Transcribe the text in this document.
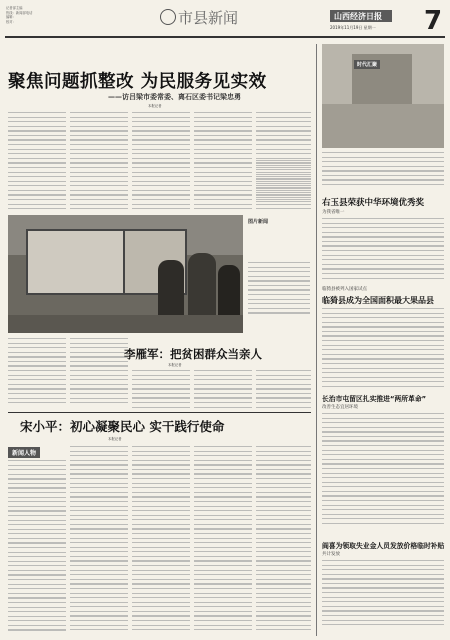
记者部主编
热线：新闻部电话
编辑：
校对：	市县新闻	山西经济日报
2019年11月19日 星期一 7
聚焦问题抓整改 为民服务见实效
——访吕梁市委常委、离石区委书记梁忠勇
本报记者
图片新闻
李雁军：把贫困群众当亲人
本报记者
宋小平：初心凝聚民心 实干践行使命
本报记者
新闻人物
时代汇聚
右玉县荣获中华环境优秀奖
为我省唯一
临猗县被列入国家试点
临猗县成为全国面积最大果品县
长治市屯留区扎实推进“两所革命”
改善生态宜居环境
阎喜为领取失业金人员发放价格临时补贴
共计发放
